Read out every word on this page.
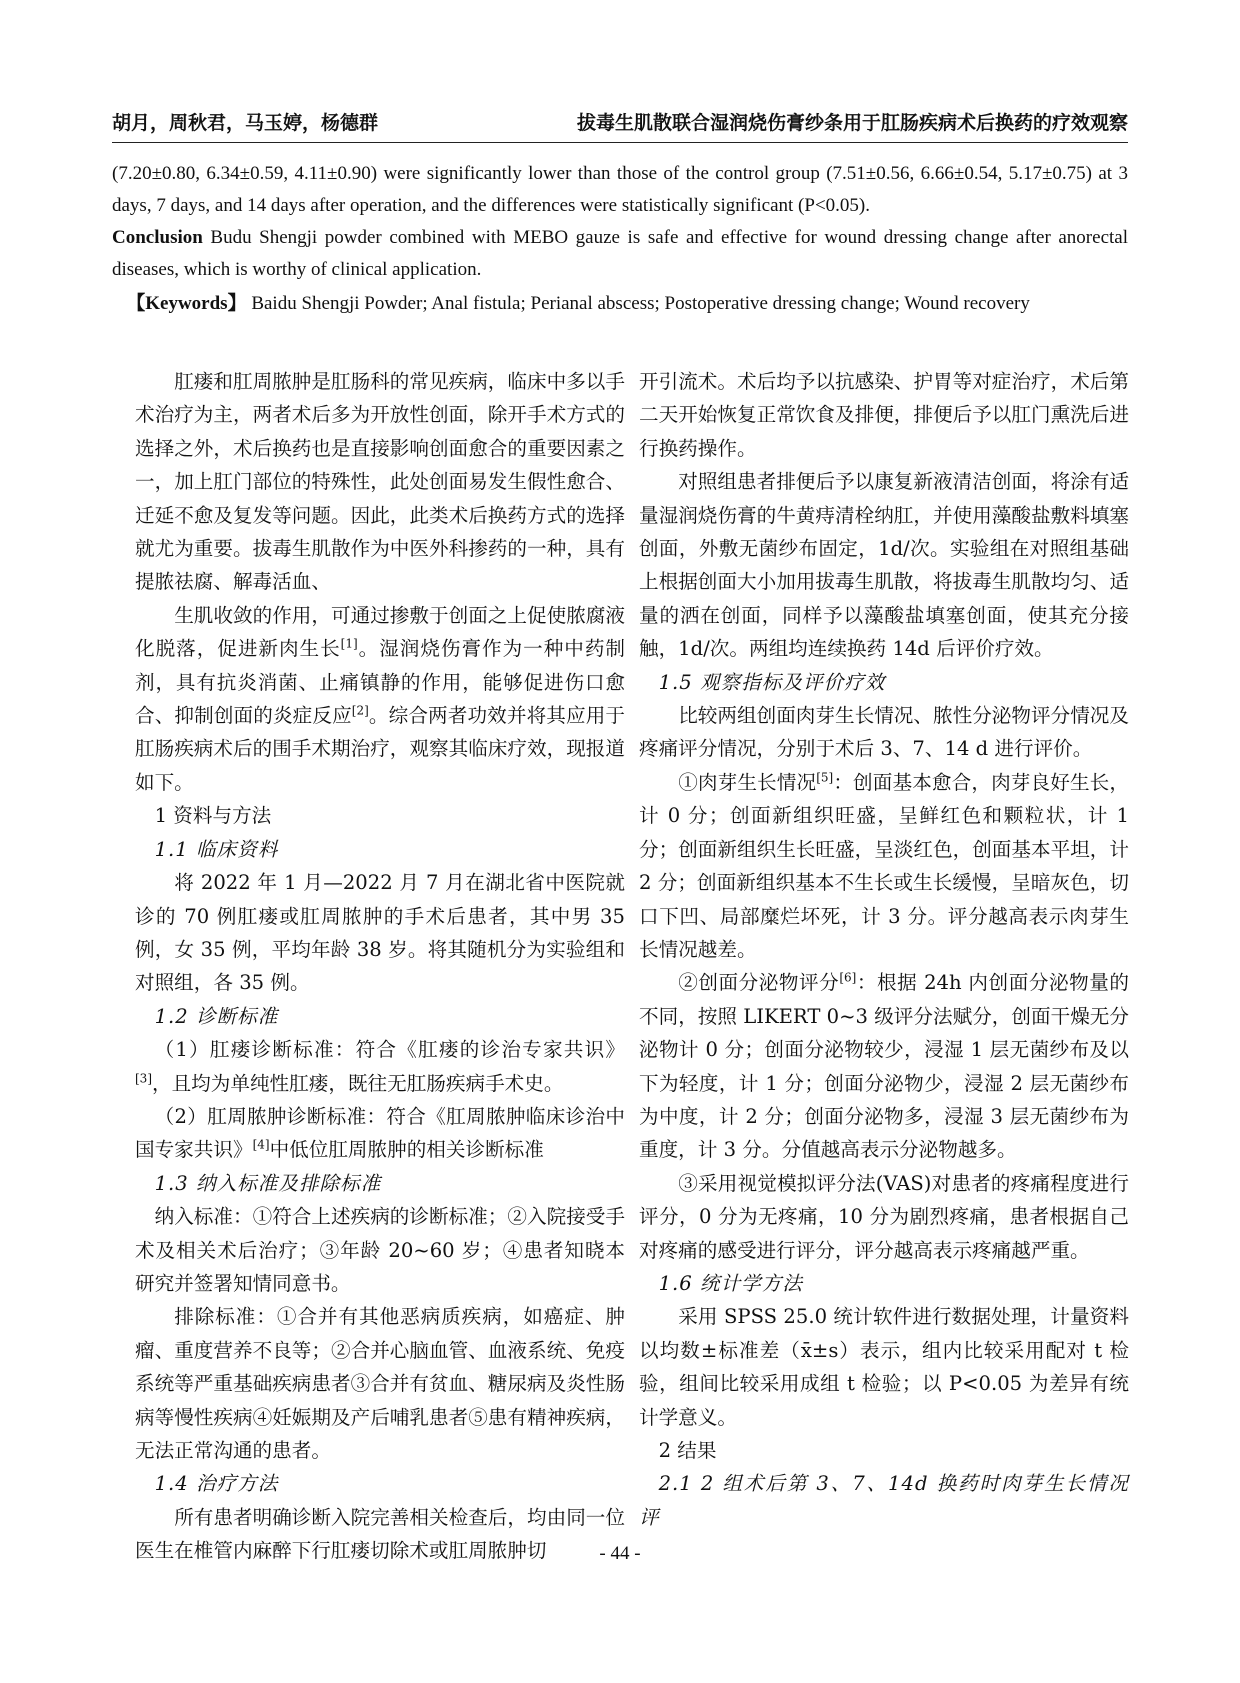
胡月，周秋君，马玉婷，杨德群	拔毒生肌散联合湿润烧伤膏纱条用于肛肠疾病术后换药的疗效观察

(7.20±0.80, 6.34±0.59, 4.11±0.90) were significantly lower than those of the control group (7.51±0.56, 6.66±0.54, 5.17±0.75) at 3 days, 7 days, and 14 days after operation, and the differences were statistically significant (P<0.05).

Conclusion Budu Shengji powder combined with MEBO gauze is safe and effective for wound dressing change after anorectal diseases, which is worthy of clinical application.

【Keywords】 Baidu Shengji Powder; Anal fistula; Perianal abscess; Postoperative dressing change; Wound recovery

肛瘘和肛周脓肿是肛肠科的常见疾病，临床中多以手术治疗为主，两者术后多为开放性创面，除开手术方式的选择之外，术后换药也是直接影响创面愈合的重要因素之一，加上肛门部位的特殊性，此处创面易发生假性愈合、迁延不愈及复发等问题。因此，此类术后换药方式的选择就尤为重要。拔毒生肌散作为中医外科掺药的一种，具有提脓祛腐、解毒活血、

生肌收敛的作用，可通过掺敷于创面之上促使脓腐液化脱落，促进新肉生长[1]。湿润烧伤膏作为一种中药制剂，具有抗炎消菌、止痛镇静的作用，能够促进伤口愈合、抑制创面的炎症反应[2]。综合两者功效并将其应用于肛肠疾病术后的围手术期治疗，观察其临床疗效，现报道如下。

1 资料与方法

1.1 临床资料

将 2022 年 1 月—2022 月 7 月在湖北省中医院就诊的 70 例肛瘘或肛周脓肿的手术后患者，其中男 35 例，女 35 例，平均年龄 38 岁。将其随机分为实验组和对照组，各 35 例。

1.2 诊断标准

（1）肛瘘诊断标准：符合《肛瘘的诊治专家共识》[3]，且均为单纯性肛瘘，既往无肛肠疾病手术史。

（2）肛周脓肿诊断标准：符合《肛周脓肿临床诊治中国专家共识》[4]中低位肛周脓肿的相关诊断标准

1.3 纳入标准及排除标准

纳入标准：①符合上述疾病的诊断标准；②入院接受手术及相关术后治疗；③年龄 20~60 岁；④患者知晓本研究并签署知情同意书。

排除标准：①合并有其他恶病质疾病，如癌症、肿瘤、重度营养不良等；②合并心脑血管、血液系统、免疫系统等严重基础疾病患者③合并有贫血、糖尿病及炎性肠病等慢性疾病④妊娠期及产后哺乳患者⑤患有精神疾病，无法正常沟通的患者。

1.4 治疗方法

所有患者明确诊断入院完善相关检查后，均由同一位医生在椎管内麻醉下行肛瘘切除术或肛周脓肿切

开引流术。术后均予以抗感染、护胃等对症治疗，术后第二天开始恢复正常饮食及排便，排便后予以肛门熏洗后进行换药操作。

对照组患者排便后予以康复新液清洁创面，将涂有适量湿润烧伤膏的牛黄痔清栓纳肛，并使用藻酸盐敷料填塞创面，外敷无菌纱布固定，1d/次。实验组在对照组基础上根据创面大小加用拔毒生肌散，将拔毒生肌散均匀、适量的洒在创面，同样予以藻酸盐填塞创面，使其充分接触，1d/次。两组均连续换药 14d 后评价疗效。

1.5 观察指标及评价疗效

比较两组创面肉芽生长情况、脓性分泌物评分情况及疼痛评分情况，分别于术后 3、7、14 d 进行评价。

①肉芽生长情况[5]：创面基本愈合，肉芽良好生长，计 0 分；创面新组织旺盛，呈鲜红色和颗粒状，计 1 分；创面新组织生长旺盛，呈淡红色，创面基本平坦，计 2 分；创面新组织基本不生长或生长缓慢，呈暗灰色，切口下凹、局部糜烂坏死，计 3 分。评分越高表示肉芽生长情况越差。

②创面分泌物评分[6]：根据 24h 内创面分泌物量的不同，按照 LIKERT 0~3 级评分法赋分，创面干燥无分泌物计 0 分；创面分泌物较少，浸湿 1 层无菌纱布及以下为轻度，计 1 分；创面分泌物少，浸湿 2 层无菌纱布为中度，计 2 分；创面分泌物多，浸湿 3 层无菌纱布为重度，计 3 分。分值越高表示分泌物越多。

③采用视觉模拟评分法(VAS)对患者的疼痛程度进行评分，0 分为无疼痛，10 分为剧烈疼痛，患者根据自己对疼痛的感受进行评分，评分越高表示疼痛越严重。

1.6 统计学方法

采用 SPSS 25.0 统计软件进行数据处理，计量资料以均数±标准差（x̄±s）表示，组内比较采用配对 t 检验，组间比较采用成组 t 检验；以 P<0.05 为差异有统计学意义。

2 结果

2.1 2 组术后第 3、7、14d 换药时肉芽生长情况评

- 44 -
